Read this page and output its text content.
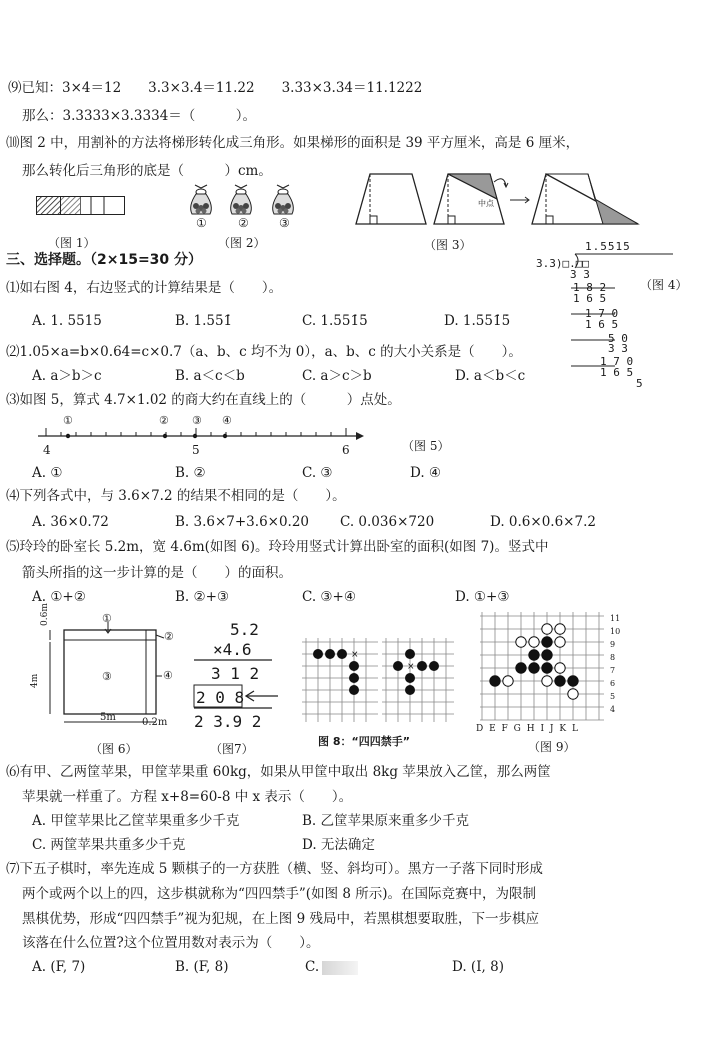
⑼已知：3×4＝12　　3.3×3.4＝11.22　　3.33×3.34＝11.1222
那么：3.3333×3.3334＝（　　　）。
⑽图 2 中，用割补的方法将梯形转化成三角形。如果梯形的面积是 39 平方厘米，高是 6 厘米，
那么转化后三角形的底是（　　　）cm。
（图 1）
①	②	③
（图 2）
中点
（图 3）
三、选择题。（2×15=30 分）
1.5515
3.3)□.□□
3 3
1 8 2
1 6 5
1 7 0
1 6 5
5 0
3 3
1 7 0
1 6 5
5
（图 4）
⑴如右图 4，右边竖式的计算结果是（　　）。
A. 1. 5515	B. 1.55̇1̇	C. 1.551̇5̇	D. 1.5̇51̇5̇
⑵1.05×a=b×0.64=c×0.7（a、b、c 均不为 0），a、b、c 的大小关系是（　　）。
A. a＞b＞c	B. a＜c＜b	C. a＞c＞b	D. a＜b＜c
⑶如图 5，算式 4.7×1.02 的商大约在直线上的（　　　）点处。
①	② ③ ④
4	5	6	（图 5）
A. ①	B. ②	C. ③	D. ④
⑷下列各式中，与 3.6×7.2 的结果不相同的是（　　）。
A. 36×0.72	B. 3.6×7+3.6×0.20 C. 0.036×720	D. 0.6×0.6×7.2
⑸玲玲的卧室长 5.2m，宽 4.6m(如图 6)。玲玲用竖式计算出卧室的面积(如图 7)。竖式中
箭头所指的这一步计算的是（　　）的面积。
A. ①+②	B. ②+③	C. ③+④	D. ①+③
①
②
③	④
0.6m
4m
5m	0.2m
（图 6）
5.2
×4.6
3 1 2
2 0 8
2 3.9 2
（图7）
×
×
图 8：“四四禁手”
D E F G H I J K L
11
10
9
8
7
6
5
4
（图 9）
⑹有甲、乙两筐苹果，甲筐苹果重 60kg，如果从甲筐中取出 8kg 苹果放入乙筐，那么两筐
苹果就一样重了。方程 x+8=60-8 中 x 表示（　　）。
A. 甲筐苹果比乙筐苹果重多少千克	B. 乙筐苹果原来重多少千克
C. 两筐苹果共重多少千克	D. 无法确定
⑺下五子棋时，率先连成 5 颗棋子的一方获胜（横、竖、斜均可）。黑方一子落下同时形成
两个或两个以上的四，这步棋就称为“四四禁手”(如图 8 所示)。在国际竞赛中，为限制
黑棋优势，形成“四四禁手”视为犯规，在上图 9 残局中，若黑棋想要取胜，下一步棋应
该落在什么位置?这个位置用数对表示为（　　）。
A. (F, 7)	B. (F, 8)	C.	D. (I, 8)
